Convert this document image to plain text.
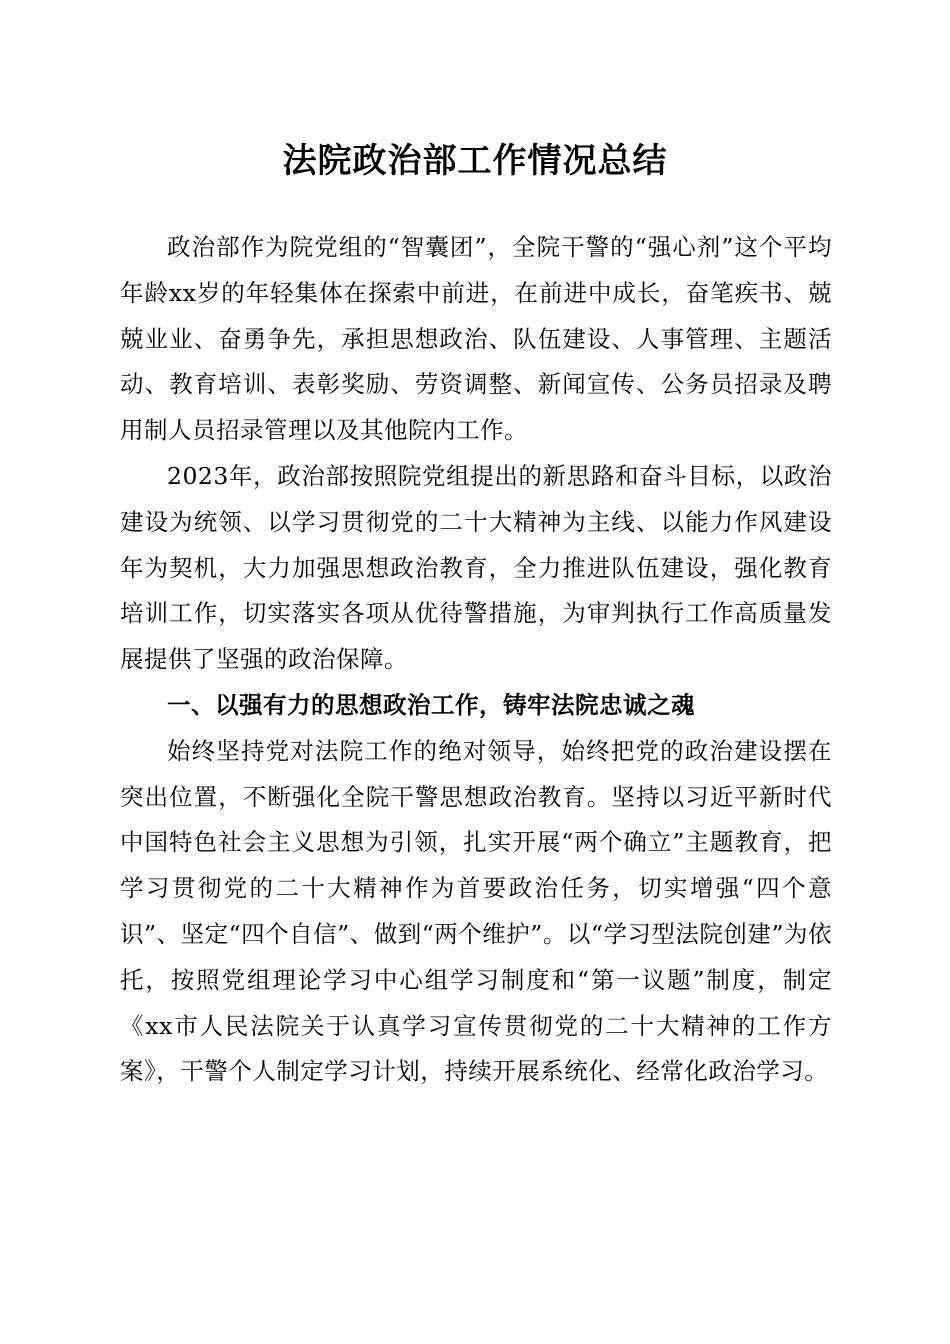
法院政治部工作情况总结

政治部作为院党组的“智囊团”，全院干警的“强心剂”这个平均年龄xx岁的年轻集体在探索中前进，在前进中成长，奋笔疾书、兢兢业业、奋勇争先，承担思想政治、队伍建设、人事管理、主题活动、教育培训、表彰奖励、劳资调整、新闻宣传、公务员招录及聘用制人员招录管理以及其他院内工作。

2023年，政治部按照院党组提出的新思路和奋斗目标，以政治建设为统领、以学习贯彻党的二十大精神为主线、以能力作风建设年为契机，大力加强思想政治教育，全力推进队伍建设，强化教育培训工作，切实落实各项从优待警措施，为审判执行工作高质量发展提供了坚强的政治保障。

一、以强有力的思想政治工作，铸牢法院忠诚之魂

始终坚持党对法院工作的绝对领导，始终把党的政治建设摆在突出位置，不断强化全院干警思想政治教育。坚持以习近平新时代中国特色社会主义思想为引领，扎实开展“两个确立”主题教育，把学习贯彻党的二十大精神作为首要政治任务，切实增强“四个意识”、坚定“四个自信”、做到“两个维护”。以“学习型法院创建”为依托，按照党组理论学习中心组学习制度和“第一议题”制度，制定《xx市人民法院关于认真学习宣传贯彻党的二十大精神的工作方案》，干警个人制定学习计划，持续开展系统化、经常化政治学习。
